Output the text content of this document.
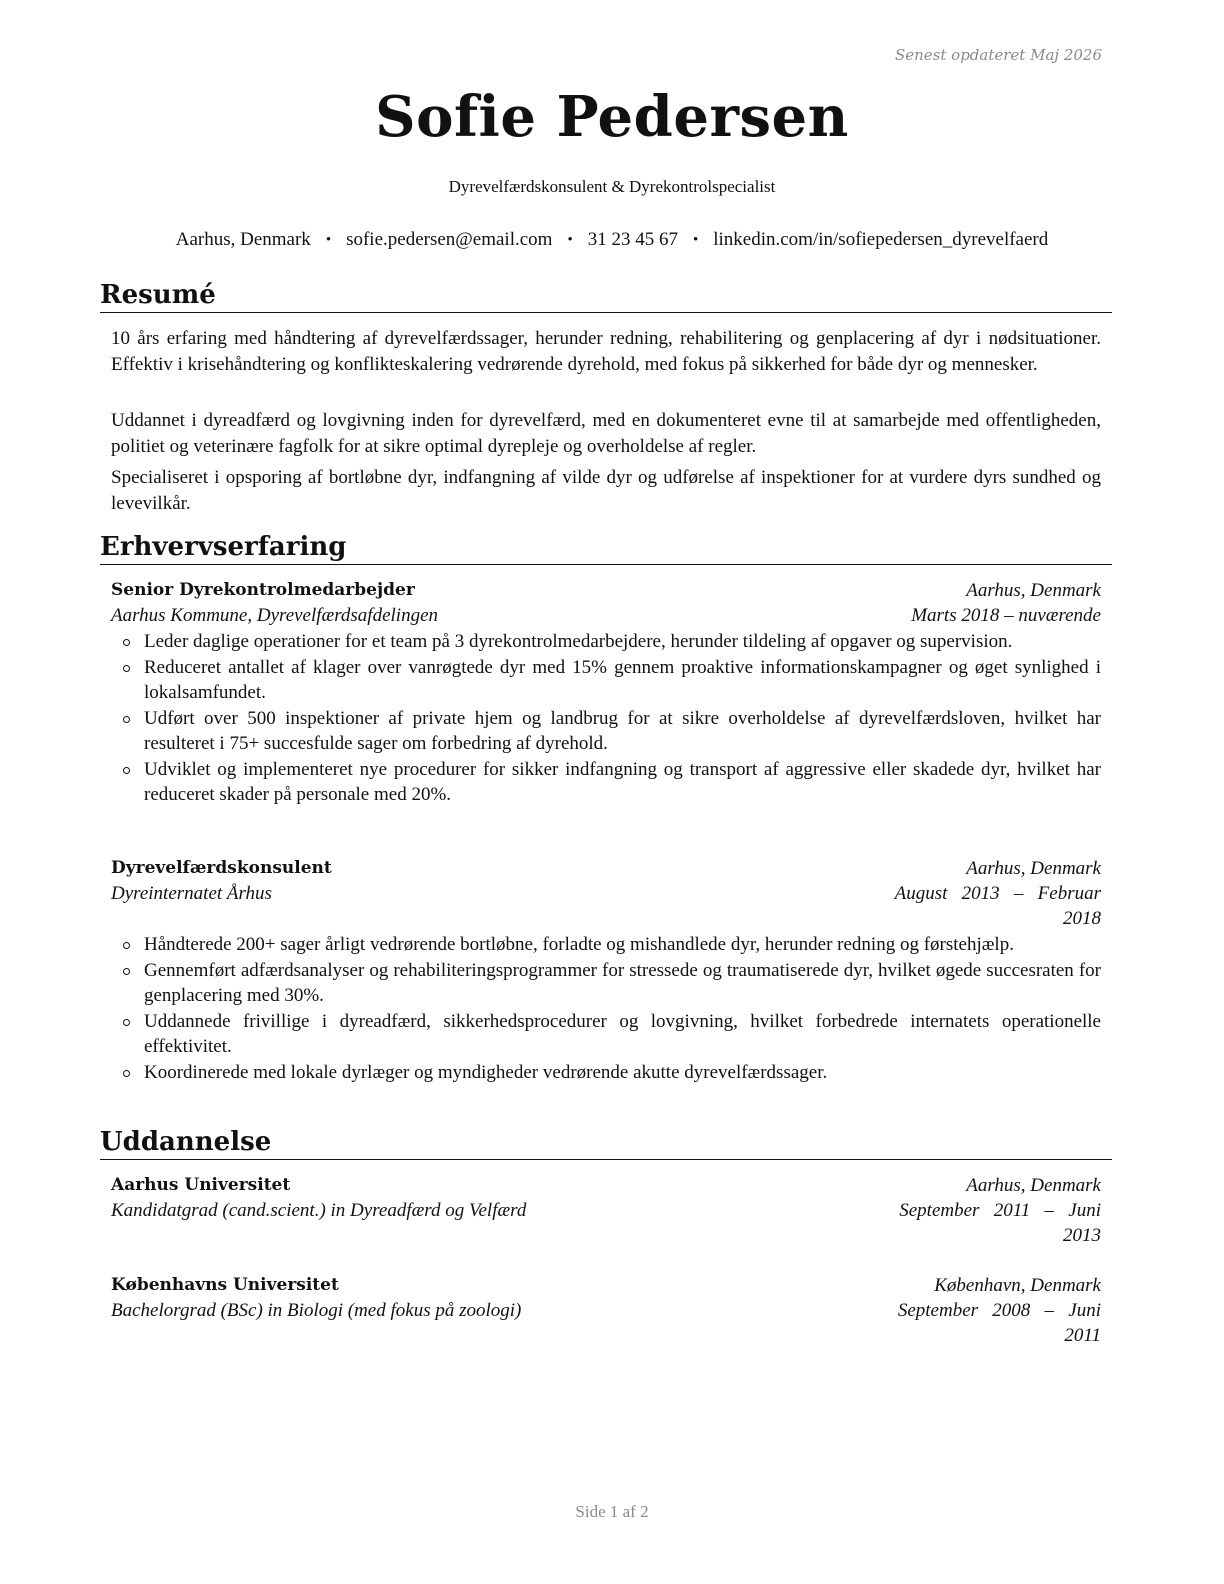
Senest opdateret Maj 2026
Sofie Pedersen
Dyrevelfærdskonsulent & Dyrekontrolspecialist
Aarhus, Denmark • sofie.pedersen@email.com • 31 23 45 67 • linkedin.com/in/sofiepedersen_dyrevelfaerd
Resumé
10 års erfaring med håndtering af dyrevelfærdssager, herunder redning, rehabilitering og genplacering af dyr i nødsituationer. Effektiv i krisehåndtering og konflikteskalering vedrørende dyrehold, med fokus på sikkerhed for både dyr og mennesker.
Uddannet i dyreadfærd og lovgivning inden for dyrevelfærd, med en dokumenteret evne til at samarbejde med offentligheden, politiet og veterinære fagfolk for at sikre optimal dyrepleje og overholdelse af regler.
Specialiseret i opsporing af bortløbne dyr, indfangning af vilde dyr og udførelse af inspektioner for at vurdere dyrs sundhed og levevilkår.
Erhvervserfaring
Senior Dyrekontrolmedarbejder	Aarhus, Denmark
Aarhus Kommune, Dyrevelfærdsafdelingen	Marts 2018 – nuværende
Leder daglige operationer for et team på 3 dyrekontrolmedarbejdere, herunder tildeling af opgaver og supervision.
Reduceret antallet af klager over vanrøgtede dyr med 15% gennem proaktive informationskampagner og øget synlighed i lokalsamfundet.
Udført over 500 inspektioner af private hjem og landbrug for at sikre overholdelse af dyrevelfærdsloven, hvilket har resulteret i 75+ succesfulde sager om forbedring af dyrehold.
Udviklet og implementeret nye procedurer for sikker indfangning og transport af aggressive eller skadede dyr, hvilket har reduceret skader på personale med 20%.
Dyrevelfærdskonsulent	Aarhus, Denmark
Dyreinternatet Århus	August   2013   –   Februar
2018
Håndterede 200+ sager årligt vedrørende bortløbne, forladte og mishandlede dyr, herunder redning og førstehjælp.
Gennemført adfærdsanalyser og rehabiliteringsprogrammer for stressede og traumatiserede dyr, hvilket øgede succesraten for genplacering med 30%.
Uddannede frivillige i dyreadfærd, sikkerhedsprocedurer og lovgivning, hvilket forbedrede internatets operationelle effektivitet.
Koordinerede med lokale dyrlæger og myndigheder vedrørende akutte dyrevelfærdssager.
Uddannelse
Aarhus Universitet	Aarhus, Denmark
Kandidatgrad (cand.scient.) in Dyreadfærd og Velfærd	September   2011   –   Juni
2013
Københavns Universitet	København, Denmark
Bachelorgrad (BSc) in Biologi (med fokus på zoologi)	September   2008   –   Juni
2011
Side 1 af 2
